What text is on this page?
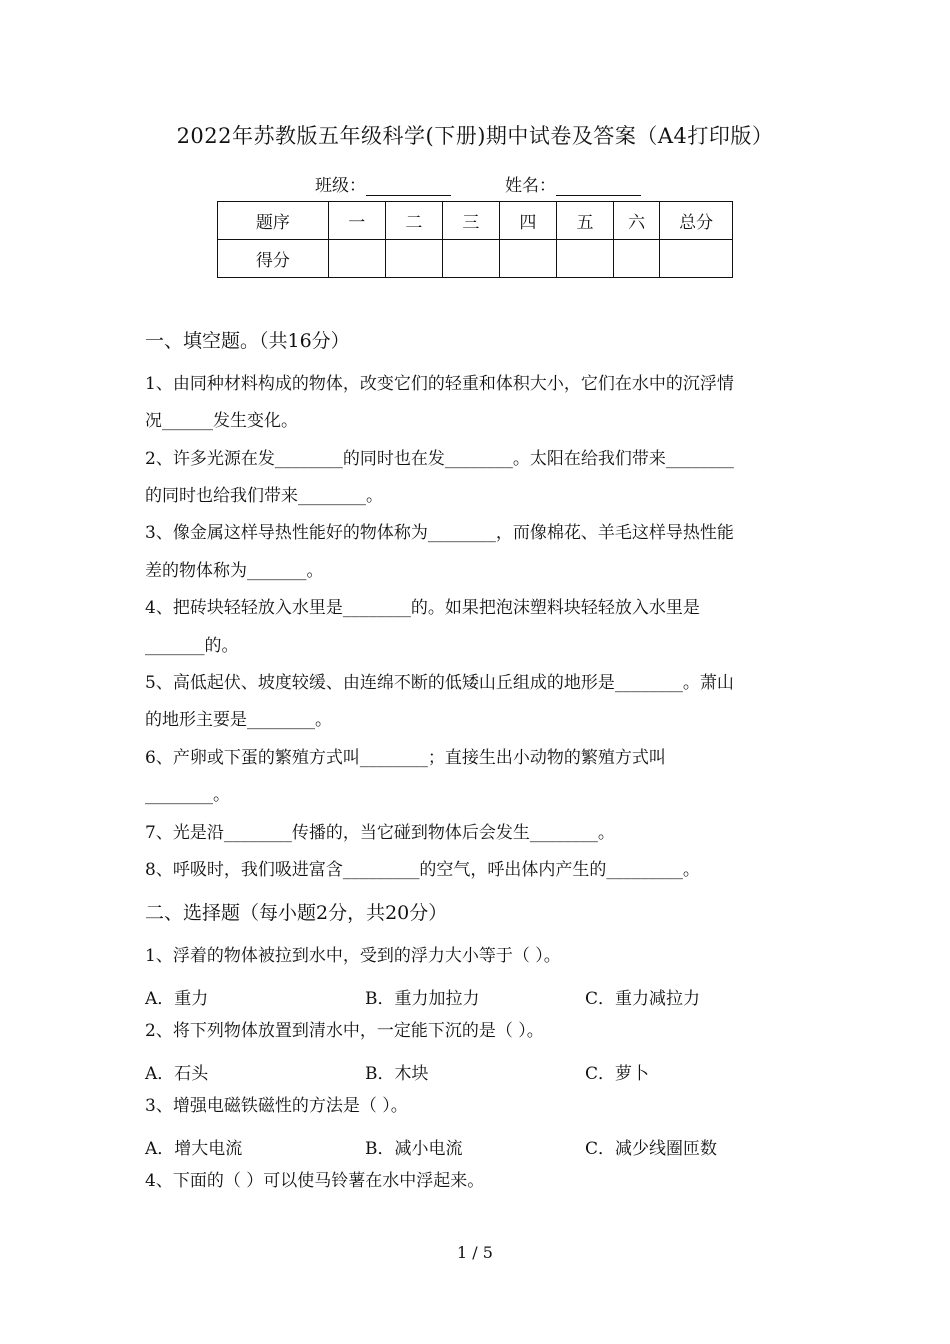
2022年苏教版五年级科学(下册)期中试卷及答案（A4打印版）
班级：	姓名：
题序	一	二	三	四	五	六	总分
得分							
一、填空题。（共16分）
1、由同种材料构成的物体，改变它们的轻重和体积大小，它们在水中的沉浮情
况______发生变化。
2、许多光源在发________的同时也在发________。太阳在给我们带来________
的同时也给我们带来________。
3、像金属这样导热性能好的物体称为________，而像棉花、羊毛这样导热性能
差的物体称为_______。
4、把砖块轻轻放入水里是________的。如果把泡沫塑料块轻轻放入水里是
_______的。
5、高低起伏、坡度较缓、由连绵不断的低矮山丘组成的地形是________。萧山
的地形主要是________。
6、产卵或下蛋的繁殖方式叫________；直接生出小动物的繁殖方式叫
________。
7、光是沿________传播的，当它碰到物体后会发生________。
8、呼吸时，我们吸进富含_________的空气，呼出体内产生的_________。
二、选择题（每小题2分，共20分）
1、浮着的物体被拉到水中，受到的浮力大小等于（ ）。
A．重力	B．重力加拉力	C．重力减拉力
2、将下列物体放置到清水中，一定能下沉的是（ ）。
A．石头	B．木块	C．萝卜
3、增强电磁铁磁性的方法是（ ）。
A．增大电流	B．减小电流	C．减少线圈匝数
4、下面的（ ）可以使马铃薯在水中浮起来。
1 / 5
